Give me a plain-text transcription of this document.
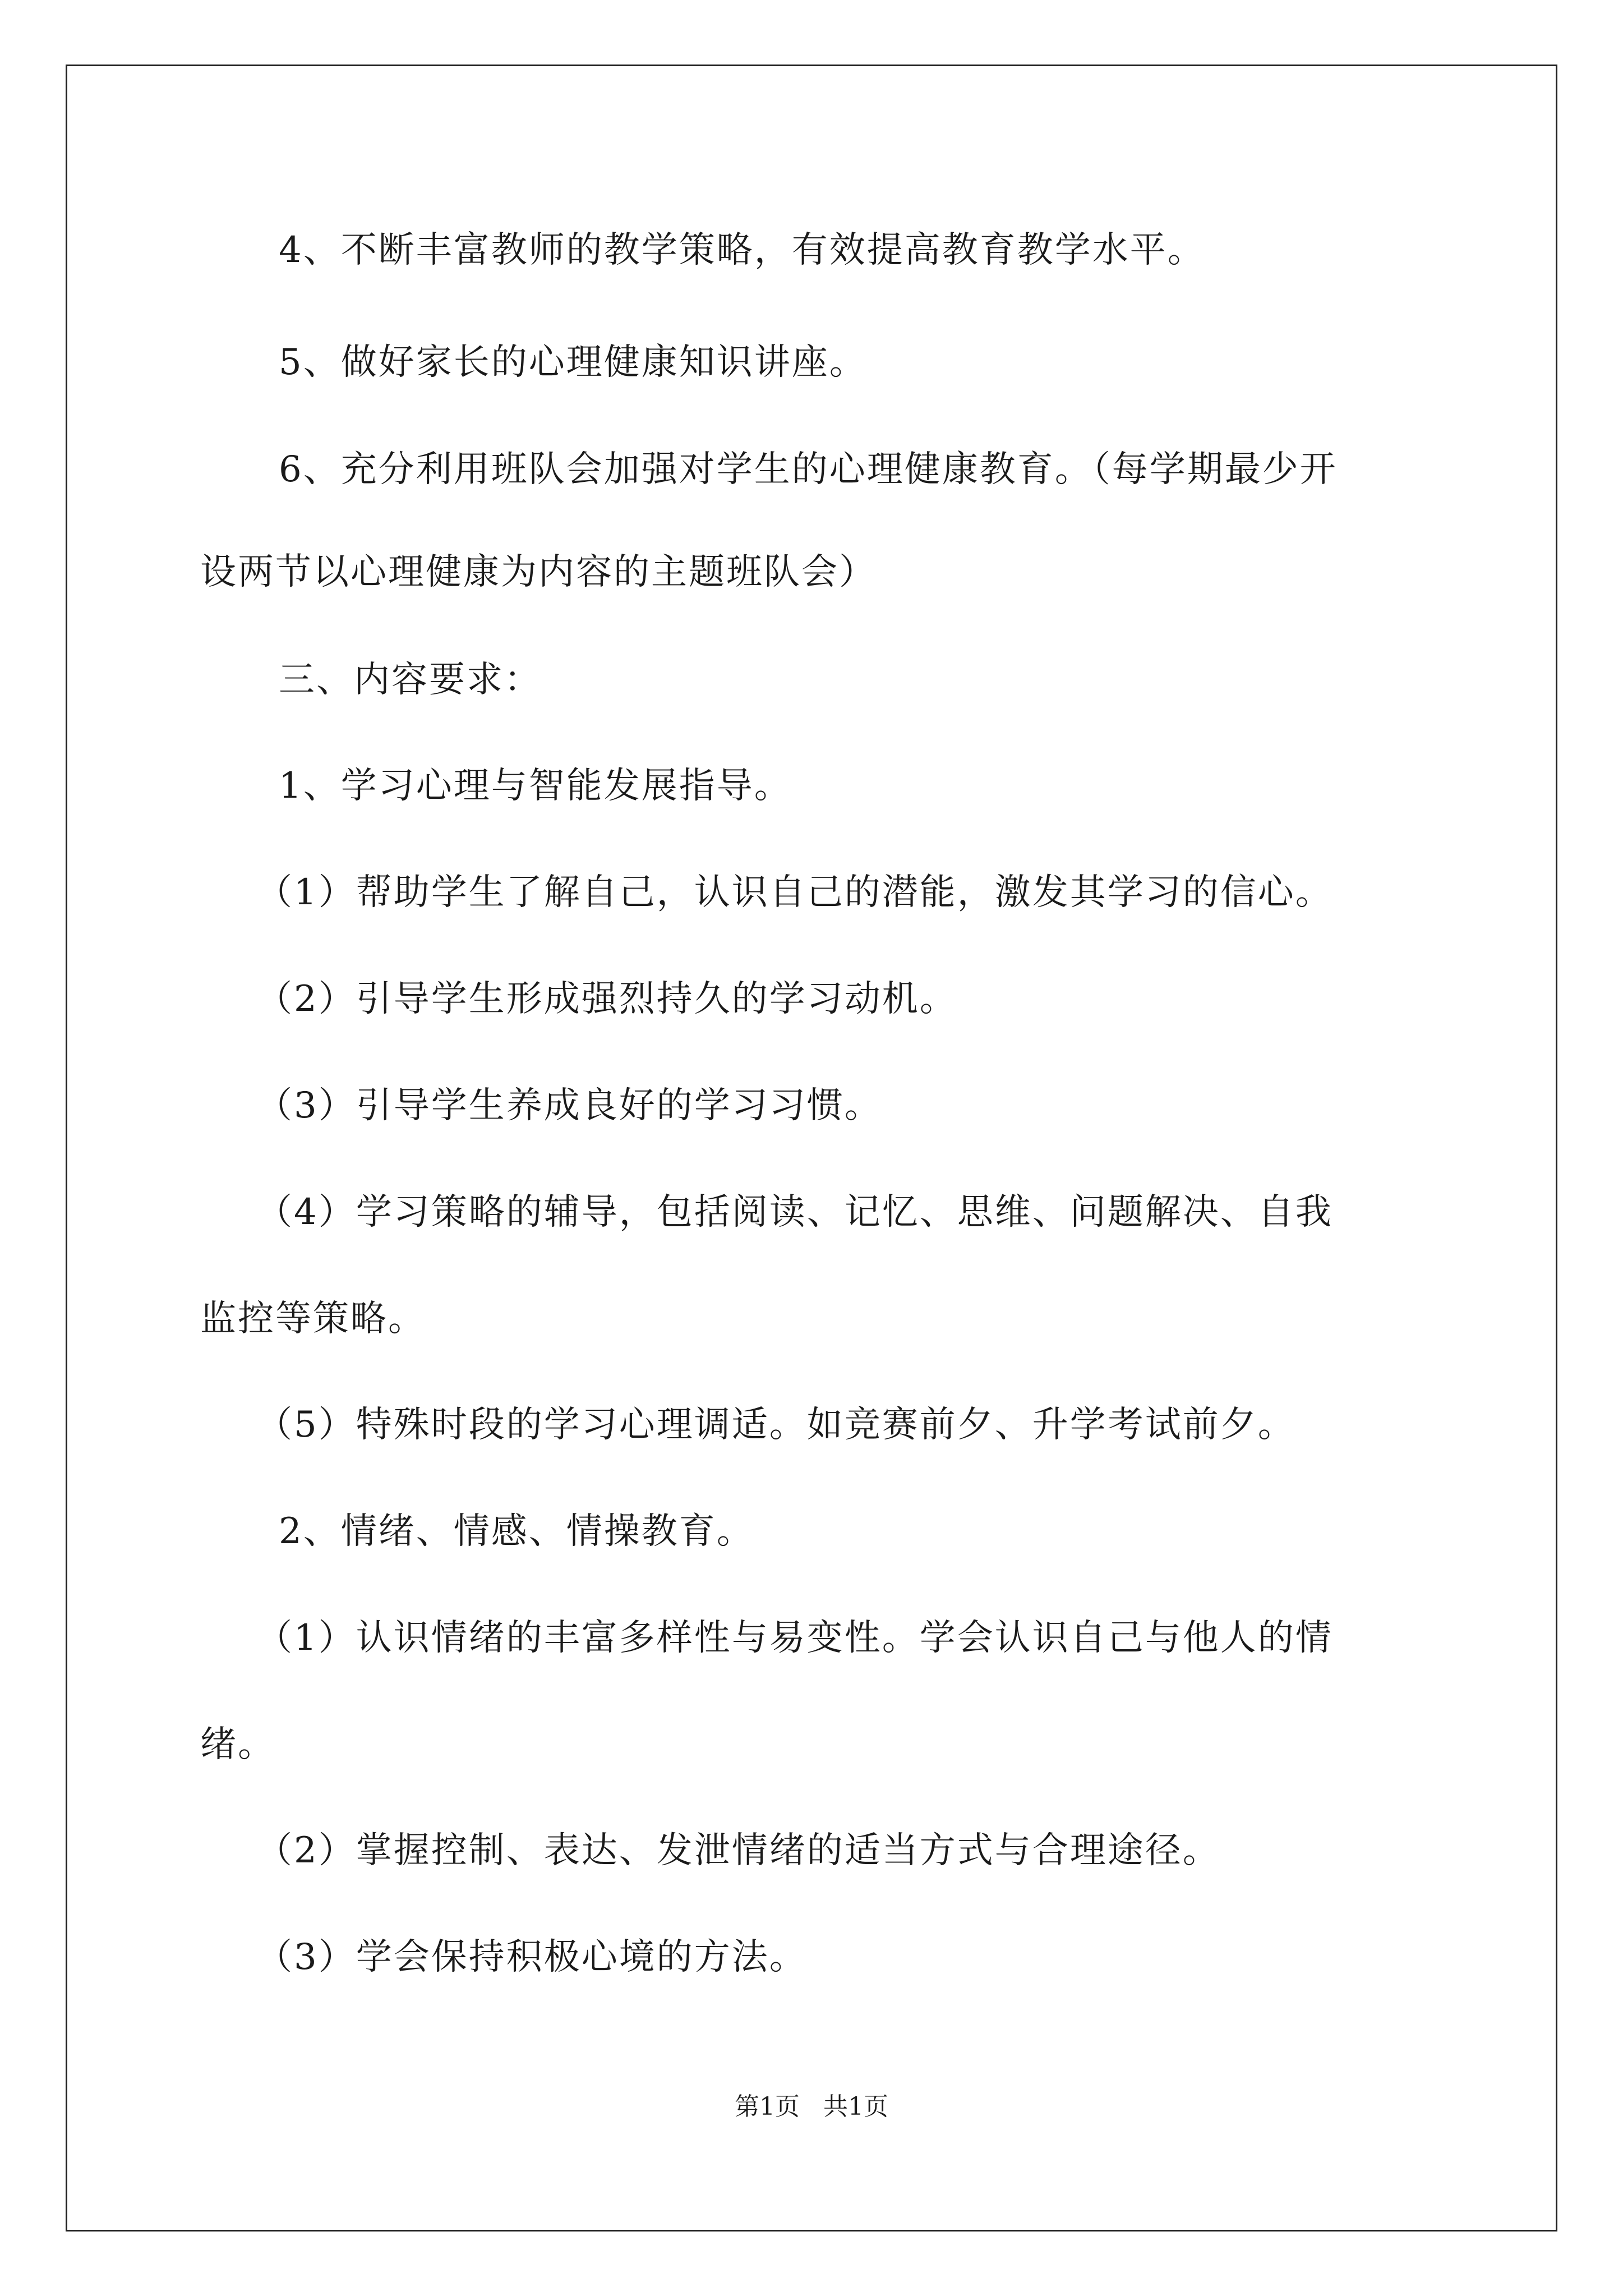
4、不断丰富教师的教学策略，有效提高教育教学水平。
5、做好家长的心理健康知识讲座。
6、充分利用班队会加强对学生的心理健康教育。（每学期最少开
设两节以心理健康为内容的主题班队会）
三、内容要求：
1、学习心理与智能发展指导。
（1）帮助学生了解自己，认识自己的潜能，激发其学习的信心。
（2）引导学生形成强烈持久的学习动机。
（3）引导学生养成良好的学习习惯。
（4）学习策略的辅导，包括阅读、记忆、思维、问题解决、自我
监控等策略。
（5）特殊时段的学习心理调适。如竞赛前夕、升学考试前夕。
2、情绪、情感、情操教育。
（1）认识情绪的丰富多样性与易变性。学会认识自己与他人的情
绪。
（2）掌握控制、表达、发泄情绪的适当方式与合理途径。
（3）学会保持积极心境的方法。
第1页   共1页
